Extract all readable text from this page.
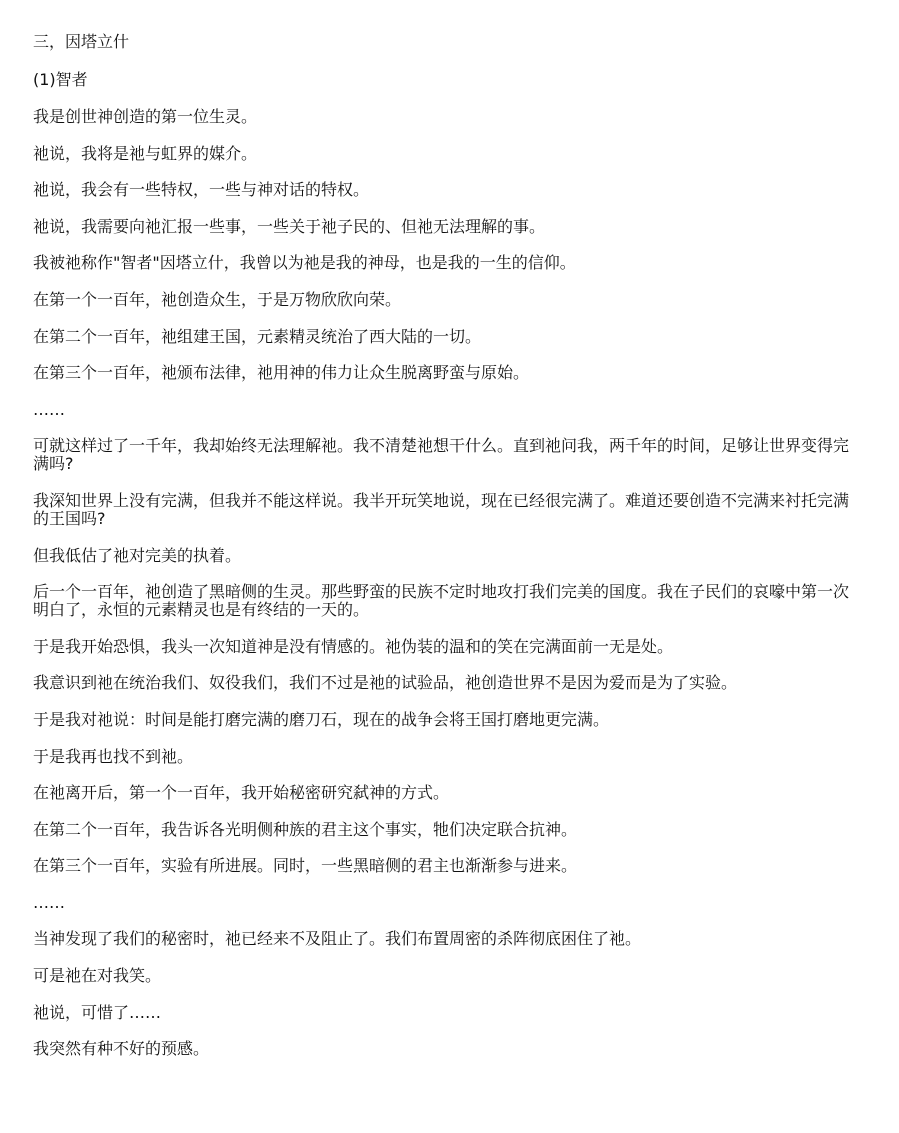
三，因塔立什

(1)智者

我是创世神创造的第一位生灵。

祂说，我将是祂与虹界的媒介。

祂说，我会有一些特权，一些与神对话的特权。

祂说，我需要向祂汇报一些事，一些关于祂子民的、但祂无法理解的事。

我被祂称作"智者"因塔立什，我曾以为祂是我的神母，也是我的一生的信仰。

在第一个一百年，祂创造众生，于是万物欣欣向荣。

在第二个一百年，祂组建王国，元素精灵统治了西大陆的一切。

在第三个一百年，祂颁布法律，祂用神的伟力让众生脱离野蛮与原始。

……

可就这样过了一千年，我却始终无法理解祂。我不清楚祂想干什么。直到祂问我，两千年的时间，足够让世界变得完满吗?

我深知世界上没有完满，但我并不能这样说。我半开玩笑地说，现在已经很完满了。难道还要创造不完满来衬托完满的王国吗?

但我低估了祂对完美的执着。

后一个一百年，祂创造了黑暗侧的生灵。那些野蛮的民族不定时地攻打我们完美的国度。我在子民们的哀嚎中第一次明白了，永恒的元素精灵也是有终结的一天的。

于是我开始恐惧，我头一次知道神是没有情感的。祂伪装的温和的笑在完满面前一无是处。

我意识到祂在统治我们、奴役我们，我们不过是祂的试验品，祂创造世界不是因为爱而是为了实验。

于是我对祂说：时间是能打磨完满的磨刀石，现在的战争会将王国打磨地更完满。

于是我再也找不到祂。

在祂离开后，第一个一百年，我开始秘密研究弑神的方式。

在第二个一百年，我告诉各光明侧种族的君主这个事实，牠们决定联合抗神。

在第三个一百年，实验有所进展。同时，一些黑暗侧的君主也渐渐参与进来。

……

当神发现了我们的秘密时，祂已经来不及阻止了。我们布置周密的杀阵彻底困住了祂。

可是祂在对我笑。

祂说，可惜了……

我突然有种不好的预感。
